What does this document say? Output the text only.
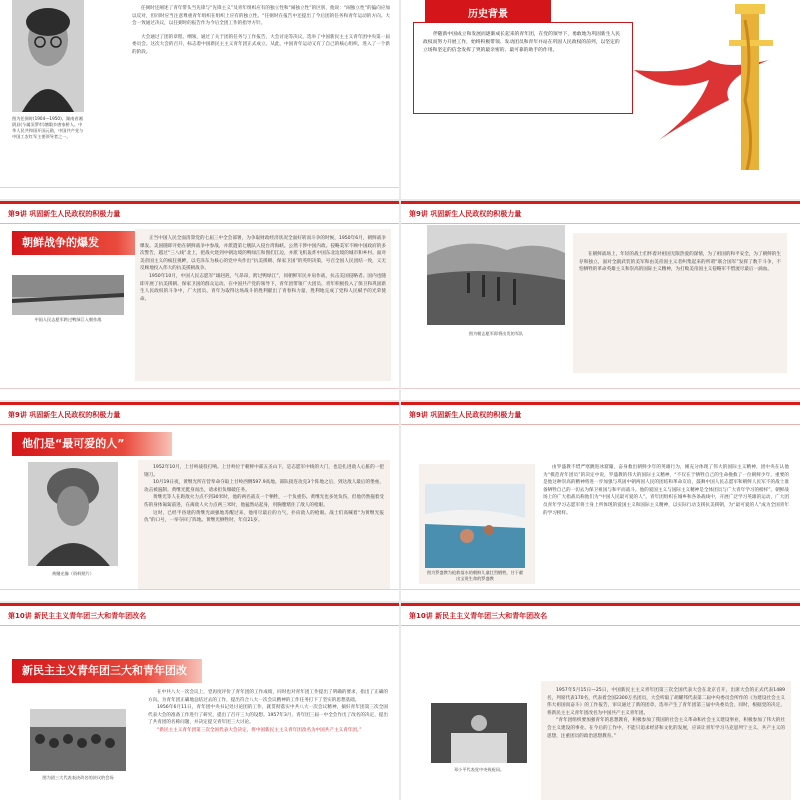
图为任弼时(1904—1950)。湖南省湘阴县(今属汨罗市)塘塅乡唐家桥人。中华人民共和国开国元勋，中国共产党与中国工农红军主要领导者之一。

任弼时还阐述了青年带头当先锋与“先锋主义”及青年组织应有的独立性和“闹独立性”的区别，他说：“闹独立性”的偏向应加以反对，但同时应当注意尊重青年组织在组织上应有的独立性。“任弼时在报告中还提出了今后团的任务和青年运动的方向。大会一致通过决议，以任弼时的报告作为今后全团工作的指导方针。

大会通过了团的章程、纲领，通过了关于团的任务与工作报告，大会讨论等决议，选举了中国新民主主义青年团中央第一届委员会。这次大会的召开，标志着中国新民主主义青年团正式成立。从此，中国青年运动又有了自己的核心组织，进入了一个新的阶段。

历史背景

伴随新中国成立和发展而逐渐成长起来的青年团，在党的领导下，勇敢地为巩固新生人民政权而努力开展工作，始终积极带领、发动团员和青年并站在巩固人民政权的前列，以坚定的立场和坚定的信念发挥了突的最亲密的、最可靠的助手的作用。

第9讲 巩固新生人民政权的积极力量
朝鲜战争的爆发
中国人民志愿军跨过鸭绿江入朝作战

正当中国人民全面清算党的七届三中全会部署，为争取财政经济状况全面好转而斗争的时候，1950年6月，朝鲜战争爆发。美国随即开始在朝鲜战争中参战，并派遣第七舰队入侵台湾海峡。公然干涉中国内政。侵略美军不顾中国政府的多次警告，越过“三八线”北上，把战火烧到中朝边境的鸭绿江和图们江边，并派飞机轰炸中国东北边境的城市和乡村。面对美帝国主义的疯狂挑衅，以毛泽东为核心的党中央作出“抗美援朝、保家卫国”的英明决策，号召全国人民团结一致，义无反顾地投入伟大的抗美援朝战争。

1950年10月，中国人民志愿军“雄赳赳，气昂昂，跨过鸭绿江”，同朝鲜军民并肩作战，抗击美国侵略者。国内也随即开展了抗美援朝、保家卫国的群众运动。在中国共产党的领导下，青年团带领广大团员、青年积极投入了保卫和巩固新生人民政权的斗争中，广大团员、青年为取得这场战斗的胜利献出了青春和力量，胜利地完成了党和人民赋予的光荣使命。

第9讲 巩固新生人民政权的积极力量
图为朝志愿军即将出发的军队

在朝鲜战场上，年轻的战士们怀着对祖国无限热爱的深情，为了祖国的和平安全，为了朝鲜的生存和独立，面对全副武装的美军和由美帝国主义者纠集起来的所谓“联合国军”发挥了数千斗争，不怕牺牲的革命英雄主义和崇高的国际主义精神，为打败美帝国主义侵略军不惜流尽最后一滴血。

第9讲 巩固新生人民政权的积极力量
他们是“最可爱的人”
黄继光像（资料照片）

1952年10月，上甘岭战役打响。上甘岭位于朝鲜中部五圣山下，是志愿军中线的大门，也是扎进敌人心脏的一把钢刀。

10月19日夜，黄继光所在营奉命夺取上甘岭西侧597.9高地。部队接连攻克3个阵地之后，到达敌人最后的堡垒，攻击被遏制。黄继光挺身而出，请求担负爆破任务。

黄继光等人在距敌火力点不到30米时，他的两名战友一个牺牲，一个负重伤。黄继光也多处负伤，但他仍然拖着受伤的身体匍匐前进，在离敌人火力点两三米时，他猛然站起身，用胸膛堵住了敌人的枪眼。

这时，已经半昏迷的黄继光顽强地苏醒过来，他用尽最后的力气，扑向敌人的枪眼。战士们高喊着“为黄继光报仇”的口号，一举夺回了阵地。黄继光牺牲时，年仅21岁。

第9讲 巩固新生人民政权的积极力量
图为罗盛教为抢救落水的朝鲜儿童壮烈牺牲，甘于献出宝贵生命的罗盛教

由罗盛教不惜严寒跳进冰窟窿，奋身救出朝鲜少年的英雄行为，刚充分体现了伟大的国际主义精神，团中央在认他为“模范青年团员”的决定中说，罗盛教的伟大的国际主义精神，“不仅在于牺牲自己的生命挽救了一位朝鲜少年，重要的是他这种崇高的精神将进一步加强与巩固中朝两国人民的团结和革命友谊，鼓舞中国人民志愿军和朝鲜人民军不的战士准备牺牲自己的一切去为保卫祖国与和平而战斗。他的爱国主义与国际主义精神是全体团员与广大青年学习的榜样”。朝鲜战场上的广大指战员称他们为“中国人民最可爱的人”。青年团组织在城乡和各条战线中，开展广泛学习英雄的运动，广大团员青年学习志愿军将士身上所体现的爱国主义和国际主义精神，以实际行动支援抗美援朝，为“最可爱的人”成为全国青年的学习榜样。

第10讲 新民主主义青年团三大和青年团改名
新民主主义青年团三大和青年团改名
图为团三大代表表决改名的决议的会场

在中共八大一次会议上，党再度评价了青年团的工作成绩，同时也对青年团工作提出了明确的要求，指出了正确的方向。为青年团正确地总结过去的工作，提出符合八大一次会议精神的工作任务打下了坚实的思想基础。

1956年6月11日，青年团中央书记处讨论团的工作，就贯彻落实中共八大一次会议精神，搞好青年团第三次全国代表大会的准备工作进行了研究，提出了召开三大的设想。1957年3月，青年团三届一中全会作出了改名的决定，提出了共青团的名称问题，并决定提交青年团三大讨论。

“新民主主义青年团第三次全国代表大会决定，将中国新民主主义青年团改名为中国共产主义青年团。”

第10讲 新民主主义青年团三大和青年团改名
邓小平代表党中央致祝词。

1957年5月15日—25日，中国新民主主义青年团第三次全国代表大会在北京召开，出席大会的正式代表1489名，列席代表170名，代表着全国2300万名团员，大会听取了胡耀邦代表第二届中央委员会所作的《为建设社会主义伟大祖国而奋斗》的工作报告，审议通过了新的团章，选举产生了青年团第三届中央委员会，同时，根据党的决定，将新民主主义青年团改名为中国共产主义青年团。

“青年团组织要加强青年的思想教育，积极参加了我国的社会主义革命和社会主义建设事业，积极参加了伟大的社会主义建设的事业。在今后的工作中，不能只追求经济和文化的发展，应该让青年学习马克思列宁主义、共产主义的思想，注重团员的政治思想教育。”
